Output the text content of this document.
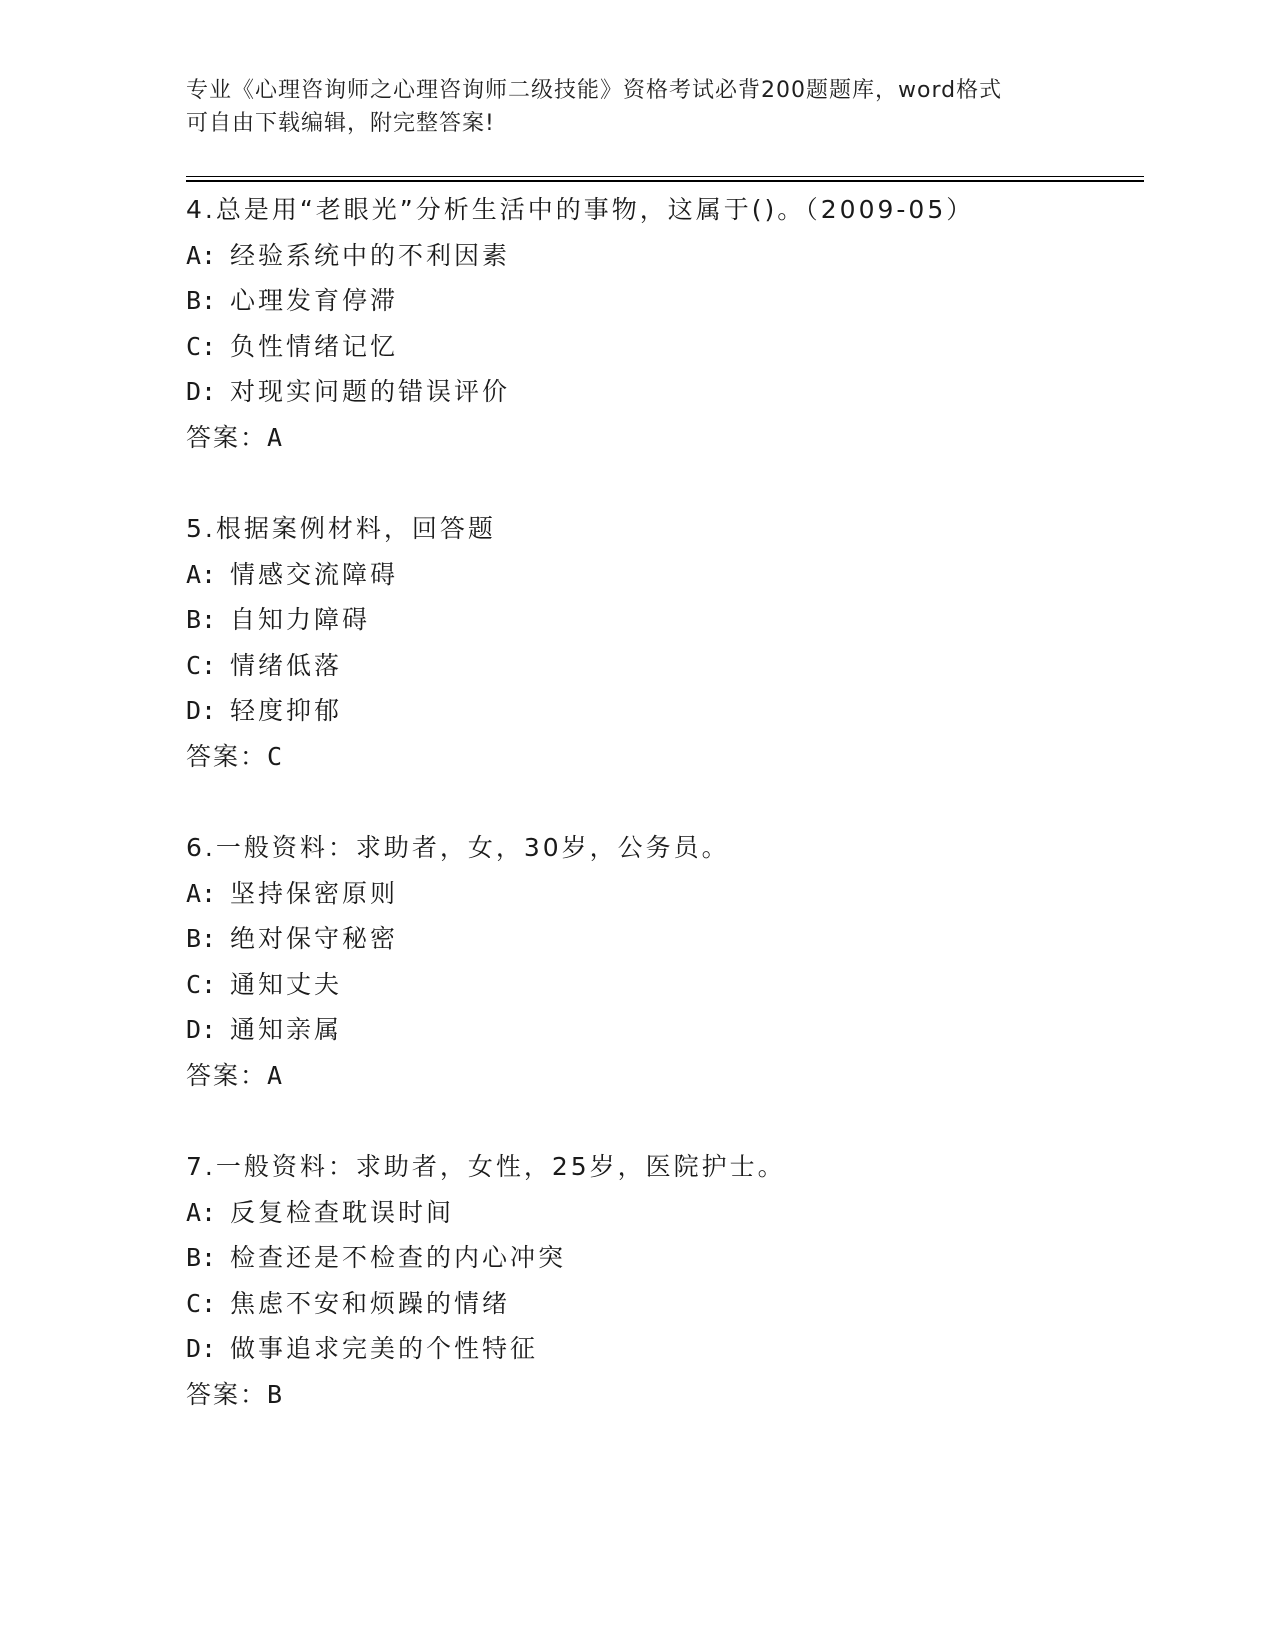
专业《心理咨询师之心理咨询师二级技能》资格考试必背200题题库，word格式
可自由下载编辑，附完整答案!
4.总是用“老眼光”分析生活中的事物，这属于()。（2009-05）
A: 经验系统中的不利因素
B: 心理发育停滞
C: 负性情绪记忆
D: 对现实问题的错误评价
答案：A
5.根据案例材料，回答题
A: 情感交流障碍
B: 自知力障碍
C: 情绪低落
D: 轻度抑郁
答案：C
6.一般资料：求助者，女，30岁，公务员。
A: 坚持保密原则
B: 绝对保守秘密
C: 通知丈夫
D: 通知亲属
答案：A
7.一般资料：求助者，女性，25岁，医院护士。
A: 反复检查耽误时间
B: 检查还是不检查的内心冲突
C: 焦虑不安和烦躁的情绪
D: 做事追求完美的个性特征
答案：B
